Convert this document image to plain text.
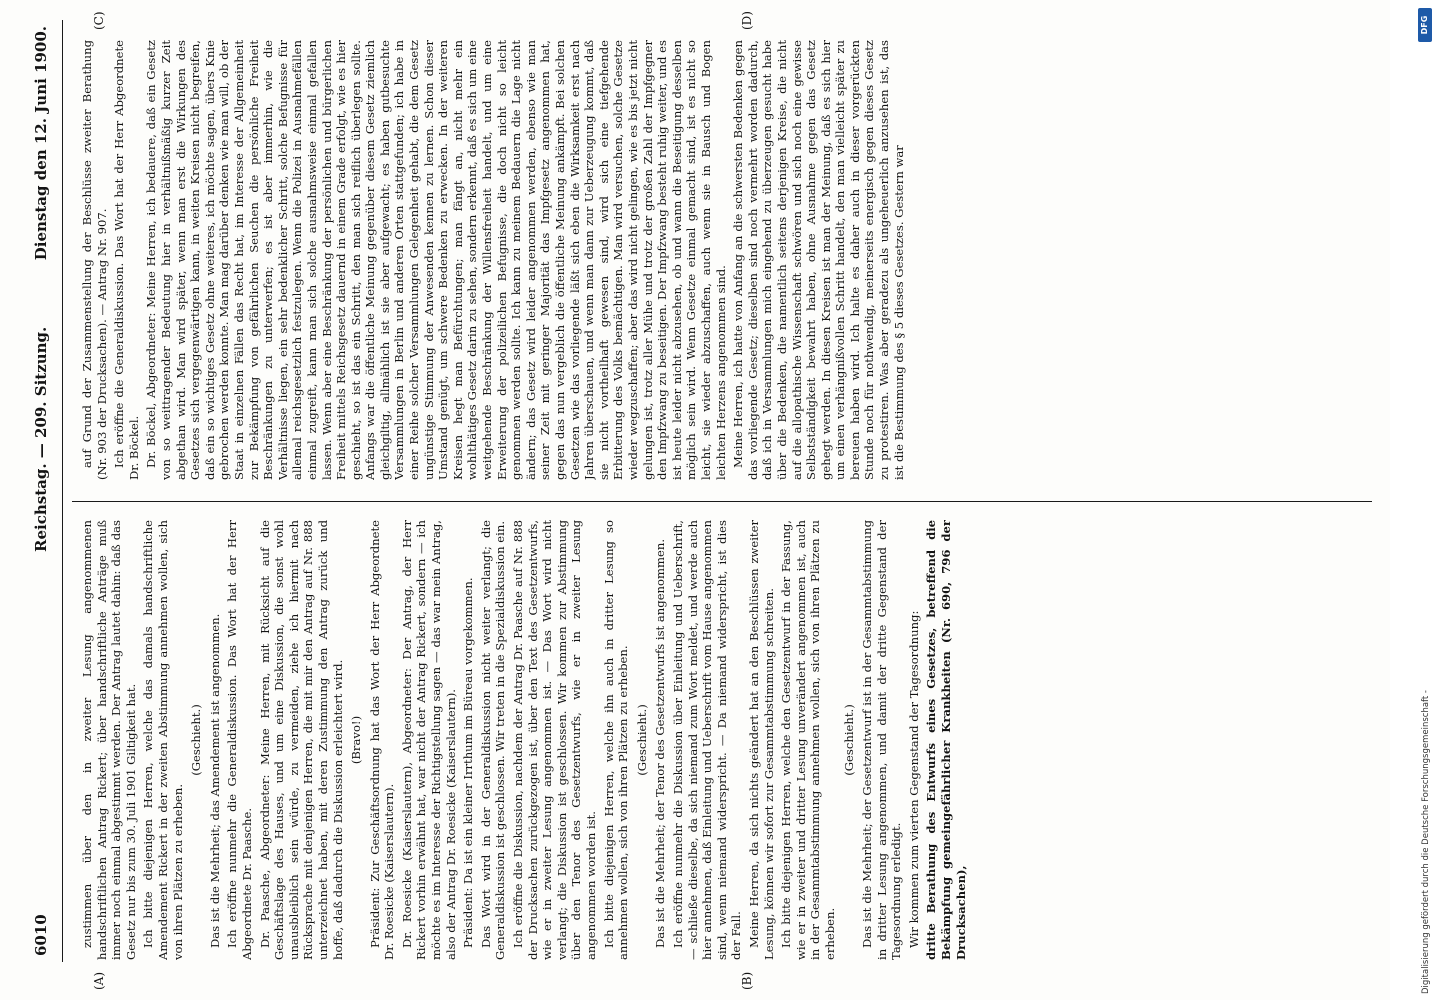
6010
Reichstag. — 209. Sitzung.
Dienstag den 12. Juni 1900.
(A)	(B)
(C)	(D)

zustimmen über den in zweiter Lesung angenommenen handschriftlichen Antrag Rickert; über handschriftliche Anträge muß immer noch einmal abgestimmt werden. Der Antrag lautet dahin: daß das Gesetz nur bis zum 30. Juli 1901 Giltigkeit hat. Ich bitte diejenigen Herren, welche das damals handschriftliche Amendement Rickert in der zweiten Abstimmung annehmen wollen, sich von ihren Plätzen zu erheben.

(Geschieht.) Das ist die Mehrheit; das Amendement ist angenommen. Ich eröffne nunmehr die Generaldiskussion. Das Wort hat der Herr Abgeordnete Dr. Paasche. Dr. Paasche, Abgeordneter: Meine Herren, mit Rücksicht auf die Geschäftslage des Hauses, und um eine Diskussion, die sonst wohl unausbleiblich sein würde, zu vermeiden, ziehe ich hiermit nach Rücksprache mit denjenigen Herren, die mit mir den Antrag auf Nr. 888 unterzeichnet haben, mit deren Zustimmung den Antrag zurück und hoffe, daß dadurch die Diskussion erleichtert wird. (Bravo!) Präsident: Zur Geschäftsordnung hat das Wort der Herr Abgeordnete Dr. Roesicke (Kaiserslautern). Dr. Roesicke (Kaiserslautern), Abgeordneter: Der Antrag, der Herr Rickert vorhin erwähnt hat, war nicht der Antrag Rickert, sondern — ich möchte es im Interesse der Richtigstellung sagen — das war mein Antrag, also der Antrag Dr. Roesicke (Kaiserslautern). Präsident: Da ist ein kleiner Irrthum im Büreau vorgekommen. Das Wort wird in der Generaldiskussion nicht weiter verlangt; die Generaldiskussion ist geschlossen. Wir treten in die Spezialdiskussion ein. Ich eröffne die Diskussion, nachdem der Antrag Dr. Paasche auf Nr. 888 der Drucksachen zurückgezogen ist, über den Text des Gesetzentwurfs, wie er in zweiter Lesung angenommen ist. — Das Wort wird nicht verlangt; die Diskussion ist geschlossen. Wir kommen zur Abstimmung über den Tenor des Gesetzentwurfs, wie er in zweiter Lesung angenommen worden ist. Ich bitte diejenigen Herren, welche ihn auch in dritter Lesung so annehmen wollen, sich von ihren Plätzen zu erheben. (Geschieht.) Das ist die Mehrheit; der Tenor des Gesetzentwurfs ist angenommen. Ich eröffne nunmehr die Diskussion über Einleitung und Ueberschrift, — schließe dieselbe, da sich niemand zum Wort meldet, und werde auch hier annehmen, daß Einleitung und Ueberschrift vom Hause angenommen sind, wenn niemand widerspricht. — Da niemand widerspricht, ist dies der Fall. Meine Herren, da sich nichts geändert hat an den Beschlüssen zweiter Lesung, können wir sofort zur Gesammtabstimmung schreiten. Ich bitte diejenigen Herren, welche den Gesetzentwurf in der Fassung, wie er in zweiter und dritter Lesung unverändert angenommen ist, auch in der Gesammtabstimmung annehmen wollen, sich von ihren Plätzen zu erheben.

(Geschieht.) Das ist die Mehrheit; der Gesetzentwurf ist in der Gesammtabstimmung in dritter Lesung angenommen, und damit der dritte Gegenstand der Tagesordnung erledigt. Wir kommen zum vierten Gegenstand der Tagesordnung: dritte Berathung des Entwurfs eines Gesetzes, betreffend die Bekämpfung gemeingefährlicher Krankheiten (Nr. 690, 796 der Drucksachen),

auf Grund der Zusammenstellung der Beschlüsse zweiter Berathung (Nr. 903 der Drucksachen). — Antrag Nr. 907. Ich eröffne die Generaldiskussion. Das Wort hat der Herr Abgeordnete Dr. Böckel. Dr. Böckel, Abgeordneter: Meine Herren, ich bedauere, daß ein Gesetz von so weittragender Bedeutung hier in verhältnißmäßig kurzer Zeit abgethan wird. Man wird später, wenn man erst die Wirkungen des Gesetzes sich vergegenwärtigen kann, in weiten Kreisen nicht begreifen, daß ein so wichtiges Gesetz ohne weiteres, ich möchte sagen, übers Knie gebrochen werden konnte. Man mag darüber denken wie man will, ob der Staat in einzelnen Fällen das Recht hat, im Interesse der Allgemeinheit zur Bekämpfung von gefährlichen Seuchen die persönliche Freiheit Beschränkungen zu unterwerfen; es ist aber immerhin, wie die Verhältnisse liegen, ein sehr bedenklicher Schritt, solche Befugnisse für allemal reichsgesetzlich festzulegen. Wenn die Polizei in Ausnahmefällen einmal zugreift, kann man sich solche ausnahmsweise einmal gefallen lassen. Wenn aber eine Beschränkung der persönlichen und bürgerlichen Freiheit mittels Reichsgesetz dauernd in einem Grade erfolgt, wie es hier geschieht, so ist das ein Schritt, den man sich reiflich überlegen sollte. Anfangs war die öffentliche Meinung gegenüber diesem Gesetz ziemlich gleichgiltig, allmählich ist sie aber aufgewacht; es haben gutbesuchte Versammlungen in Berlin und anderen Orten stattgefunden; ich habe in einer Reihe solcher Versammlungen Gelegenheit gehabt, die dem Gesetz ungünstige Stimmung der Anwesenden kennen zu lernen. Schon dieser Umstand genügt, um schwere Bedenken zu erwecken. In der weiteren Kreisen hegt man Befürchtungen; man fängt an, nicht mehr ein wohlthätiges Gesetz darin zu sehen, sondern erkennt, daß es sich um eine weitgehende Beschränkung der Willensfreiheit handelt, und um eine Erweiterung der polizeilichen Befugnisse, die doch nicht so leicht genommen werden sollte. Ich kann zu meinem Bedauern die Lage nicht ändern; das Gesetz wird leider angenommen werden, ebenso wie man seiner Zeit mit geringer Majorität das Impfgesetz angenommen hat, gegen das nun vergeblich die öffentliche Meinung ankämpft. Bei solchen Gesetzen wie das vorliegende läßt sich eben die Wirksamkeit erst nach Jahren überschauen, und wenn man dann zur Ueberzeugung kommt, daß sie nicht vortheilhaft gewesen sind, wird sich eine tiefgehende Erbitterung des Volks bemächtigen. Man wird versuchen, solche Gesetze wieder wegzuschaffen; aber das wird nicht gelingen, wie es bis jetzt nicht gelungen ist, trotz aller Mühe und trotz der großen Zahl der Impfgegner den Impfzwang zu beseitigen. Der Impfzwang besteht ruhig weiter, und es ist heute leider nicht abzusehen, ob und wann die Beseitigung desselben möglich sein wird. Wenn Gesetze einmal gemacht sind, ist es nicht so leicht, sie wieder abzuschaffen, auch wenn sie in Bausch und Bogen leichten Herzens angenommen sind. Meine Herren, ich hatte von Anfang an die schwersten Bedenken gegen das vorliegende Gesetz; dieselben sind noch vermehrt worden dadurch, daß ich in Versammlungen mich eingehend zu überzeugen gesucht habe über die Bedenken, die namentlich seitens derjenigen Kreise, die nicht auf die allopathische Wissenschaft schwören und sich noch eine gewisse Selbstständigkeit bewahrt haben, ohne Ausnahme gegen das Gesetz gehegt werden. In diesen Kreisen ist man der Meinung, daß es sich hier um einen verhängnißvollen Schritt handelt, den man vielleicht später zu bereuen haben wird. Ich halte es daher auch in dieser vorgerückten Stunde noch für nothwendig, meinerseits energisch gegen dieses Gesetz zu protestiren. Was aber geradezu als ungeheuerlich anzusehen ist, das ist die Bestimmung des § 5 dieses Gesetzes. Gestern war

DFG
Digitalisierung gefördert durch die Deutsche Forschungsgemeinschaft -
